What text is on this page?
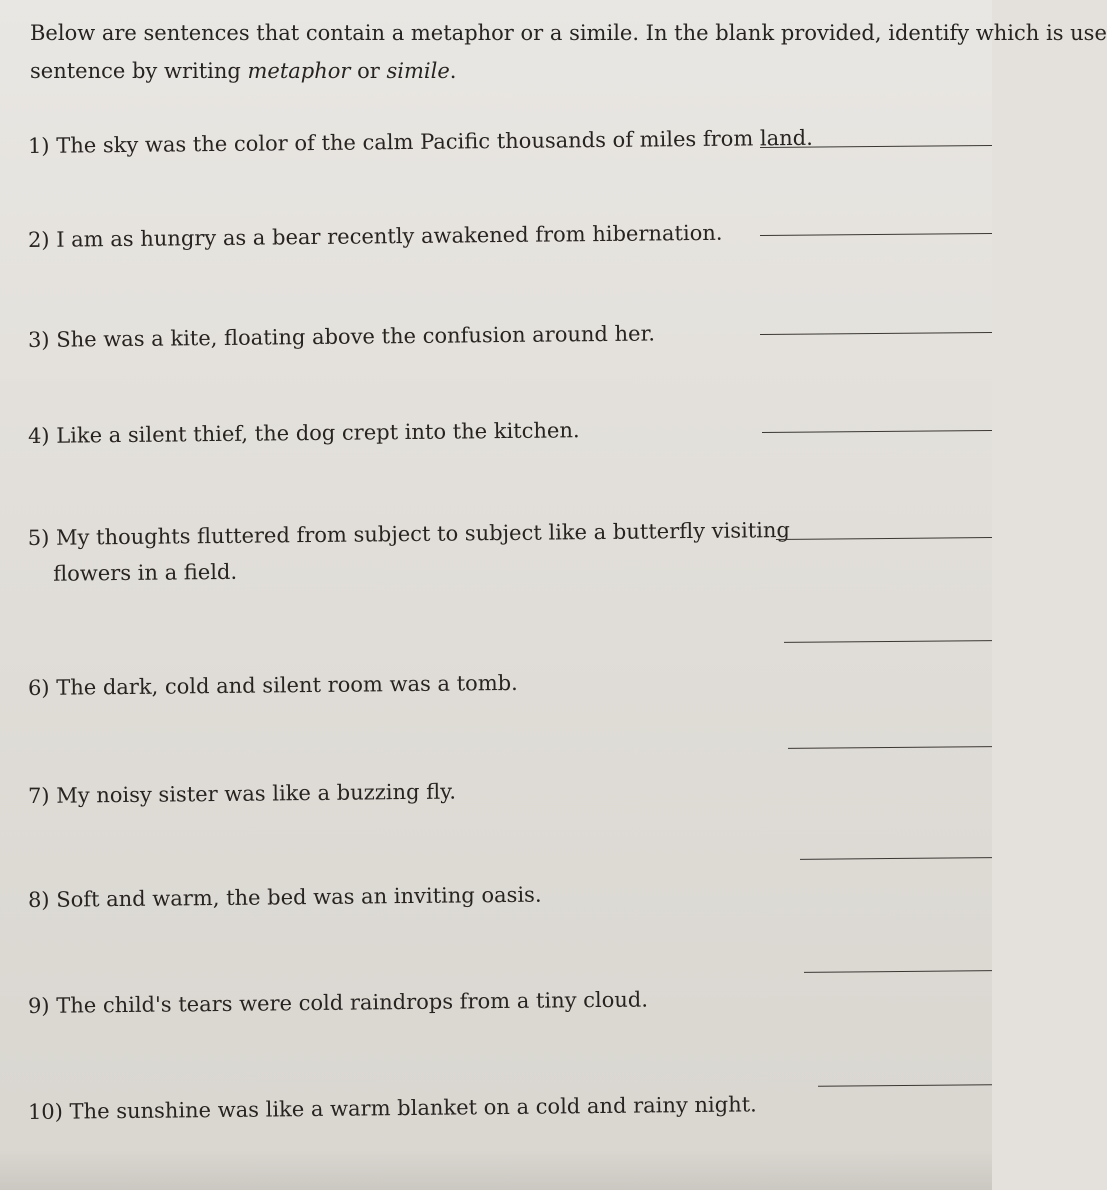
Below are sentences that contain a metaphor or a simile. In the blank provided, identify which is use
sentence by writing metaphor or simile.
1) The sky was the color of the calm Pacific thousands of miles from land.
2) I am as hungry as a bear recently awakened from hibernation.
3) She was a kite, floating above the confusion around her.
4) Like a silent thief, the dog crept into the kitchen.
5) My thoughts fluttered from subject to subject like a butterfly visiting
flowers in a field.
6) The dark, cold and silent room was a tomb.
7) My noisy sister was like a buzzing fly.
8) Soft and warm, the bed was an inviting oasis.
9) The child's tears were cold raindrops from a tiny cloud.
10) The sunshine was like a warm blanket on a cold and rainy night.
